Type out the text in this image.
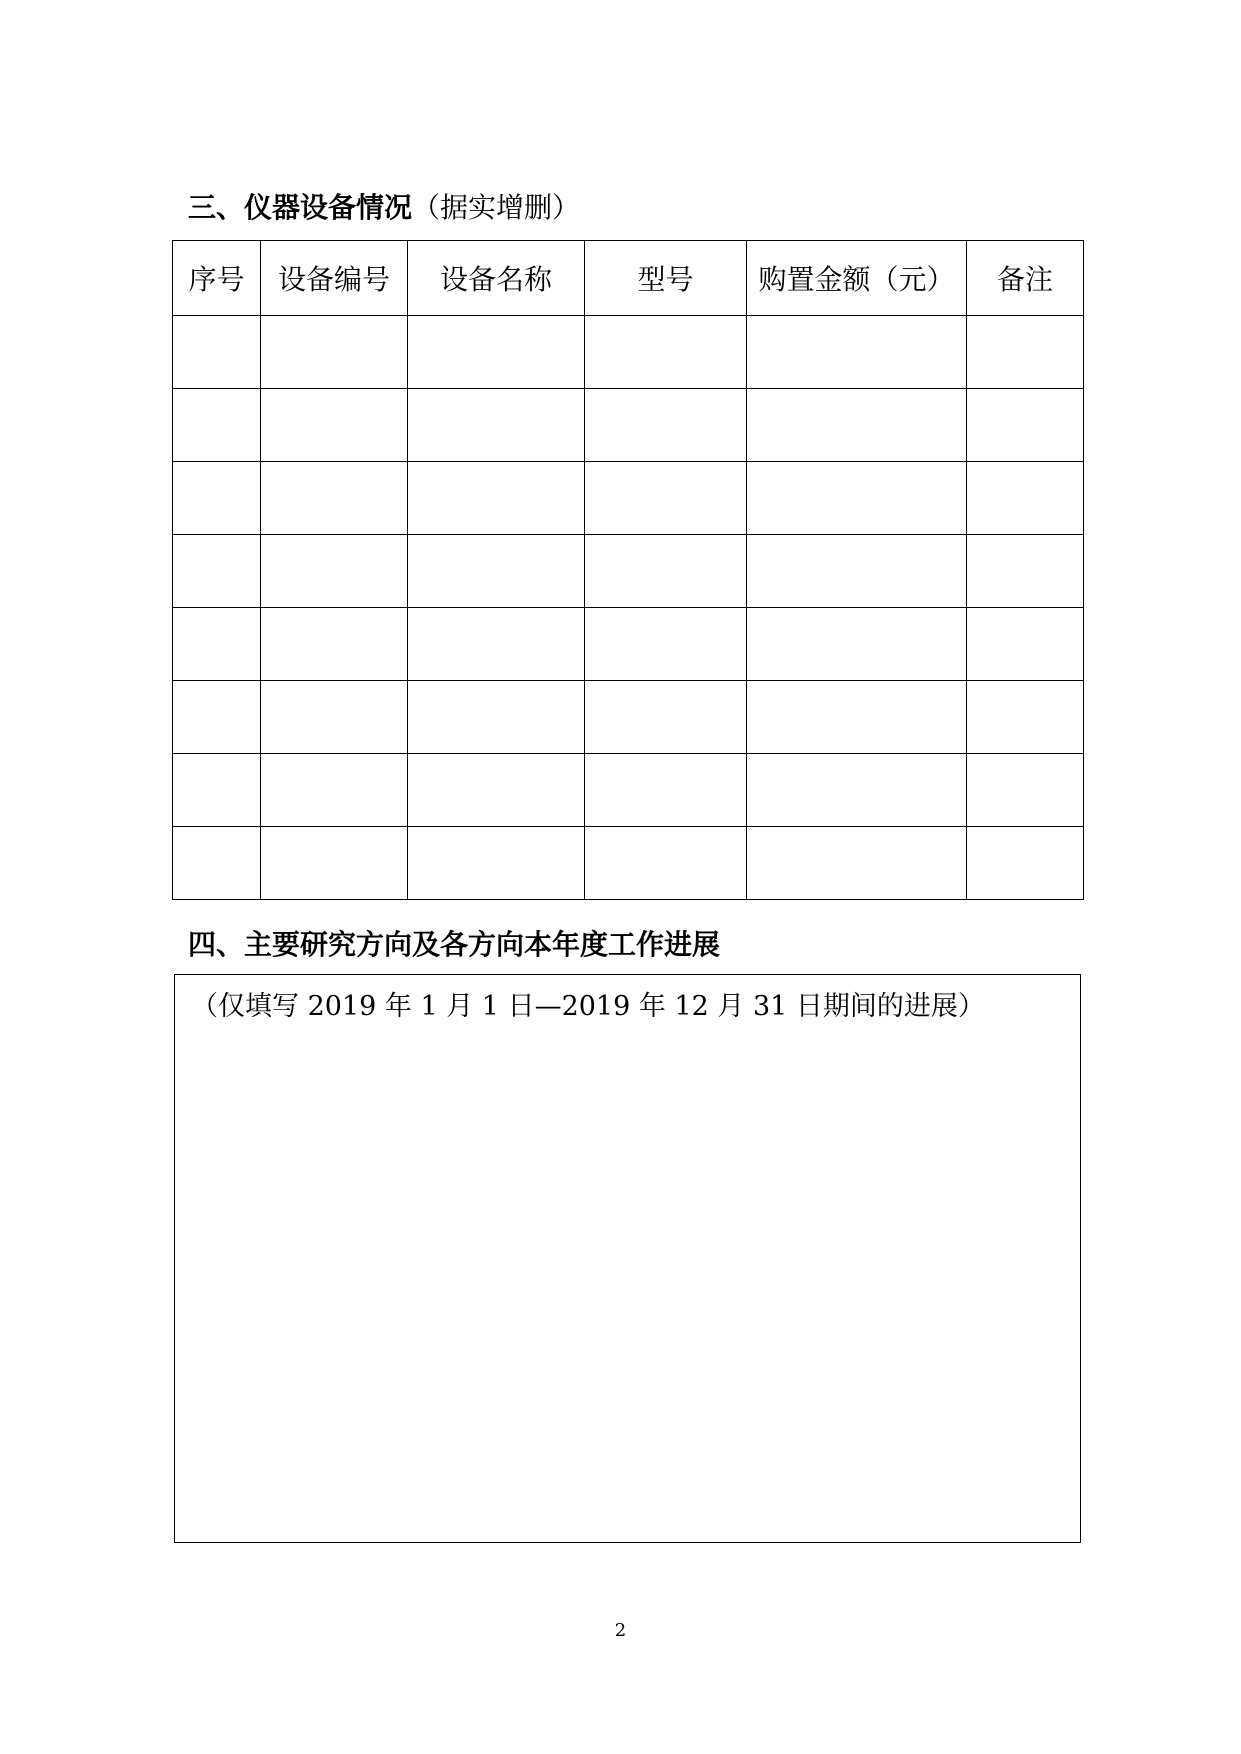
三、仪器设备情况（据实增删）
序号	设备编号	设备名称	型号	购置金额（元）	备注

四、主要研究方向及各方向本年度工作进展
（仅填写 2019 年 1 月 1 日—2019 年 12 月 31 日期间的进展）
2
